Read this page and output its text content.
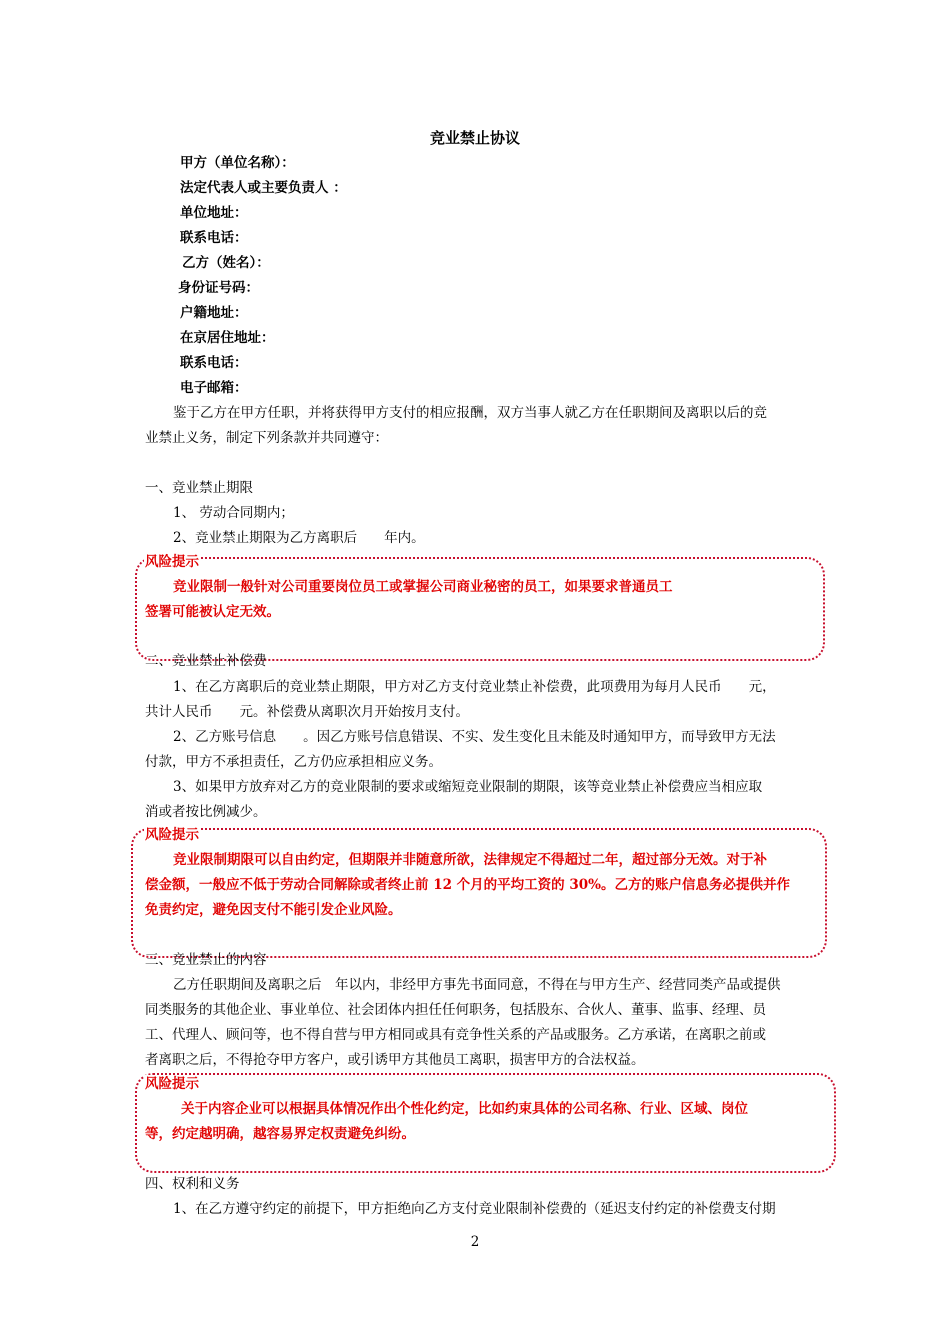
竞业禁止协议
甲方（单位名称）：
法定代表人或主要负责人 ：
单位地址：
联系电话：
乙方（姓名）：
身份证号码：
户籍地址：
在京居住地址：
联系电话：
电子邮箱：
鉴于乙方在甲方任职，并将获得甲方支付的相应报酬，双方当事人就乙方在任职期间及离职以后的竞
业禁止义务，制定下列条款并共同遵守：
一、竞业禁止期限
1、 劳动合同期内；
2、竞业禁止期限为乙方离职后　　年内。
风险提示
竞业限制一般针对公司重要岗位员工或掌握公司商业秘密的员工，如果要求普通员工
签署可能被认定无效。
二、竞业禁止补偿费
1、在乙方离职后的竞业禁止期限，甲方对乙方支付竞业禁止补偿费，此项费用为每月人民币　　元，
共计人民币　　元。补偿费从离职次月开始按月支付。
2、乙方账号信息　　。因乙方账号信息错误、不实、发生变化且未能及时通知甲方，而导致甲方无法
付款，甲方不承担责任，乙方仍应承担相应义务。
3、如果甲方放弃对乙方的竞业限制的要求或缩短竞业限制的期限，该等竞业禁止补偿费应当相应取
消或者按比例减少。
风险提示
竞业限制期限可以自由约定，但期限并非随意所欲，法律规定不得超过二年，超过部分无效。对于补
偿金额，一般应不低于劳动合同解除或者终止前 12 个月的平均工资的 30%。乙方的账户信息务必提供并作
免责约定，避免因支付不能引发企业风险。
三、竞业禁止的内容
乙方任职期间及离职之后　年以内，非经甲方事先书面同意，不得在与甲方生产、经营同类产品或提供
同类服务的其他企业、事业单位、社会团体内担任任何职务，包括股东、合伙人、董事、监事、经理、员
工、代理人、顾问等，也不得自营与甲方相同或具有竞争性关系的产品或服务。乙方承诺，在离职之前或
者离职之后，不得抢夺甲方客户，或引诱甲方其他员工离职，损害甲方的合法权益。
风险提示
关于内容企业可以根据具体情况作出个性化约定，比如约束具体的公司名称、行业、区域、岗位
等，约定越明确，越容易界定权责避免纠纷。
四、权利和义务
1、在乙方遵守约定的前提下，甲方拒绝向乙方支付竞业限制补偿费的（延迟支付约定的补偿费支付期
2
